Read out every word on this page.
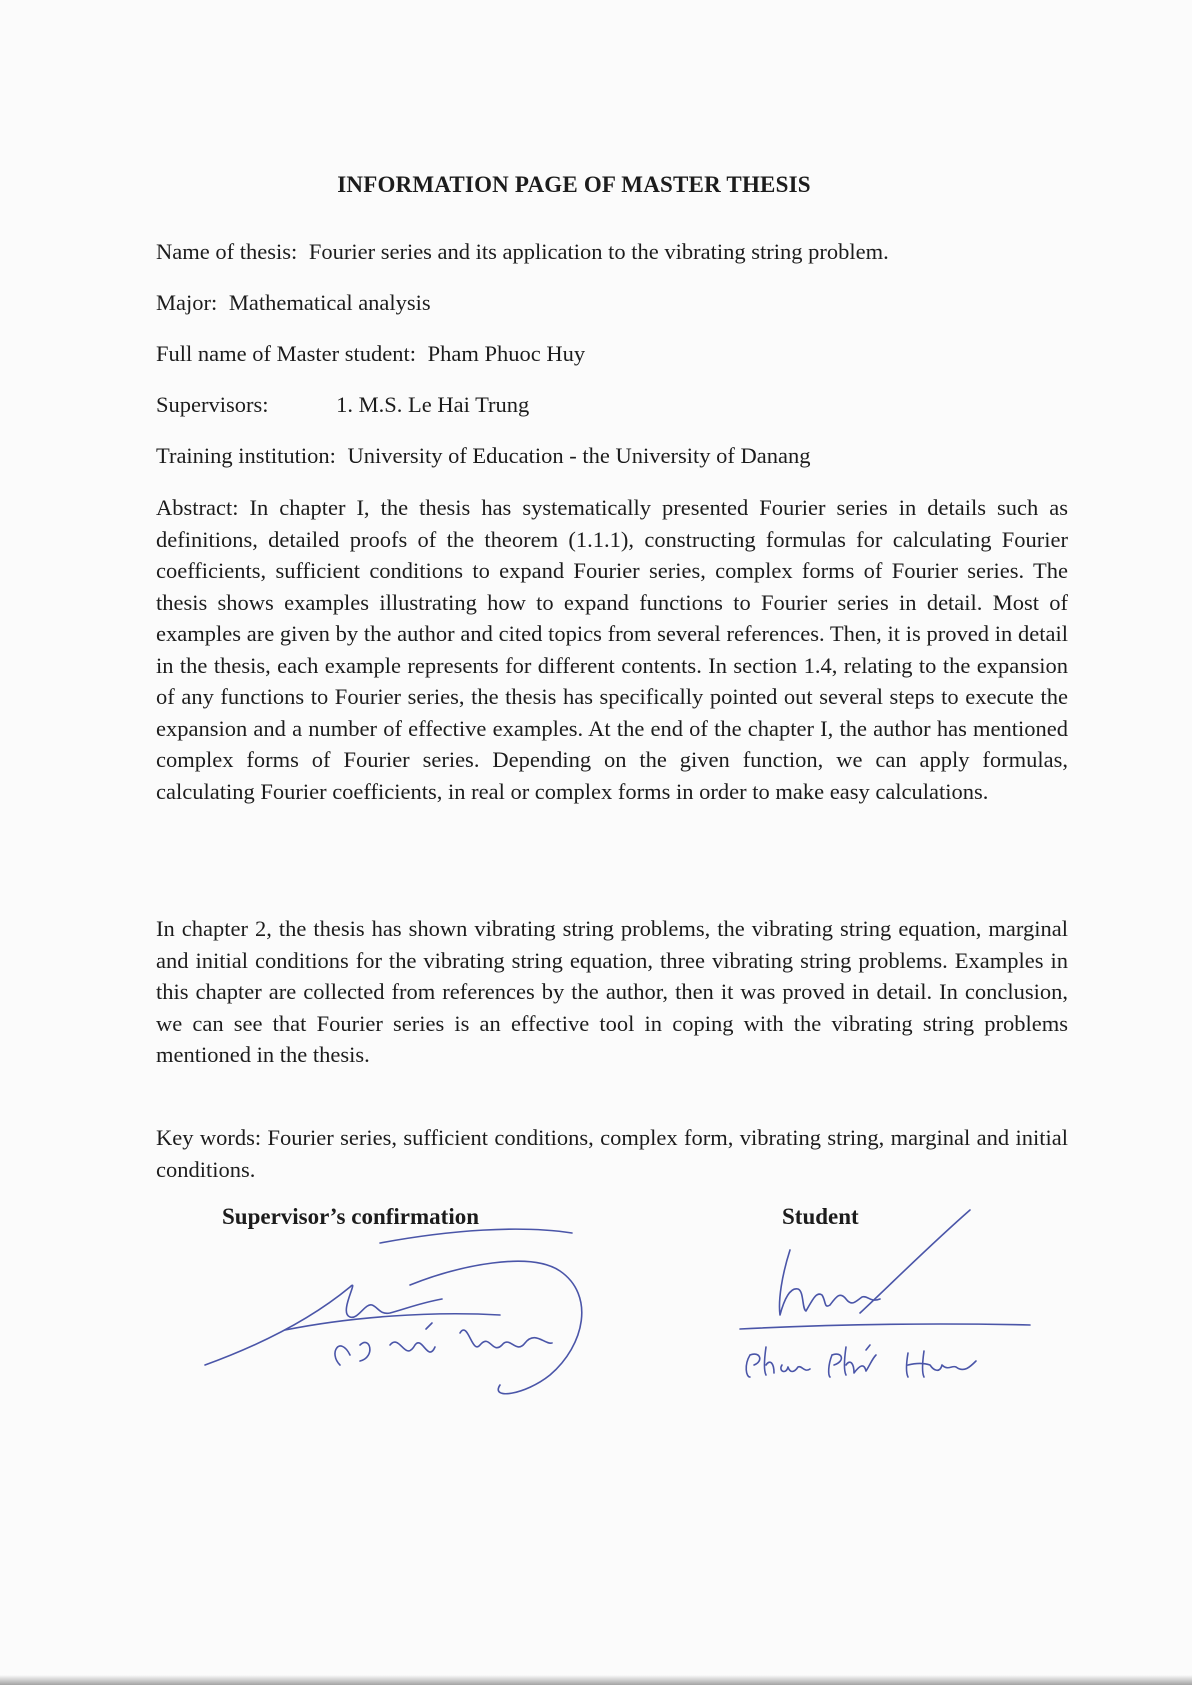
INFORMATION PAGE OF MASTER THESIS

Name of thesis: Fourier series and its application to the vibrating string problem.

Major: Mathematical analysis

Full name of Master student: Pham Phuoc Huy

Supervisors:	1. M.S. Le Hai Trung

Training institution: University of Education - the University of Danang

Abstract: In chapter I, the thesis has systematically presented Fourier series in details such as definitions, detailed proofs of the theorem (1.1.1), constructing formulas for calculating Fourier coefficients, sufficient conditions to expand Fourier series, complex forms of Fourier series. The thesis shows examples illustrating how to expand functions to Fourier series in detail. Most of examples are given by the author and cited topics from several references. Then, it is proved in detail in the thesis, each example represents for different contents. In section 1.4, relating to the expansion of any functions to Fourier series, the thesis has specifically pointed out several steps to execute the expansion and a number of effective examples. At the end of the chapter I, the author has mentioned complex forms of Fourier series. Depending on the given function, we can apply formulas, calculating Fourier coefficients, in real or complex forms in order to make easy calculations.

In chapter 2, the thesis has shown vibrating string problems, the vibrating string equation, marginal and initial conditions for the vibrating string equation, three vibrating string problems. Examples in this chapter are collected from references by the author, then it was proved in detail. In conclusion, we can see that Fourier series is an effective tool in coping with the vibrating string problems mentioned in the thesis.

Key words: Fourier series, sufficient conditions, complex form, vibrating string, marginal and initial conditions.

Supervisor’s confirmation	Student
